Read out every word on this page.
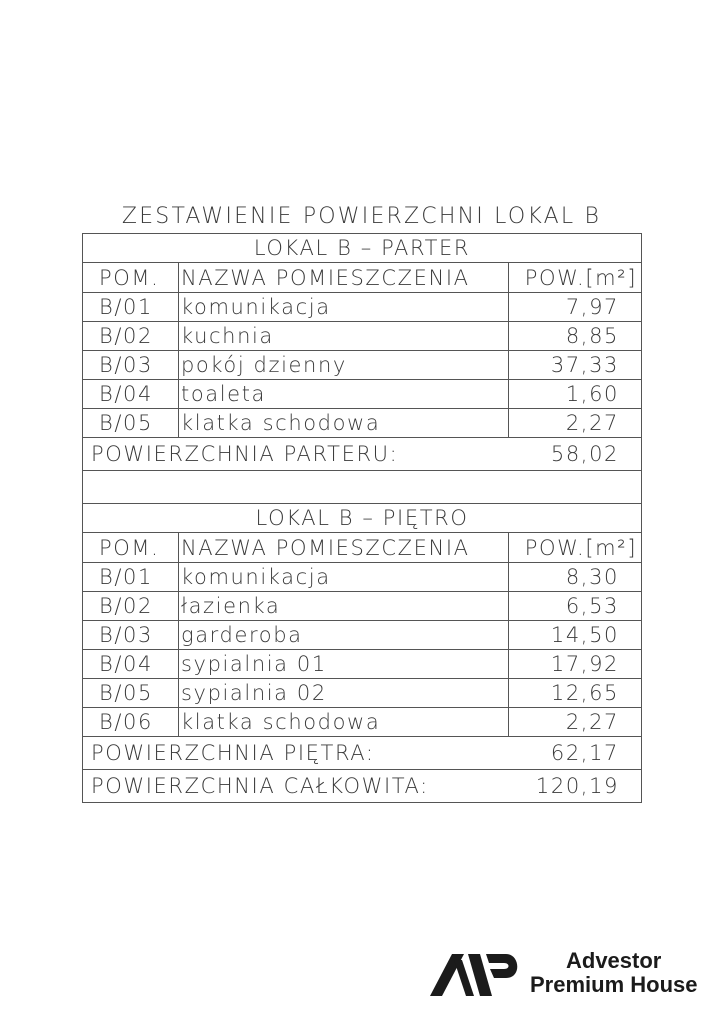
ZESTAWIENIE POWIERZCHNI LOKAL B
LOKAL B – PARTER
POM.	NAZWA POMIESZCZENIA	POW.[m²]
B/01	komunikacja	7,97
B/02	kuchnia	8,85
B/03	pokój dzienny	37,33
B/04	toaleta	1,60
B/05	klatka schodowa	2,27
POWIERZCHNIA PARTERU:	58,02
LOKAL B – PIĘTRO
POM.	NAZWA POMIESZCZENIA	POW.[m²]
B/01	komunikacja	8,30
B/02	łazienka	6,53
B/03	garderoba	14,50
B/04	sypialnia 01	17,92
B/05	sypialnia 02	12,65
B/06	klatka schodowa	2,27
POWIERZCHNIA PIĘTRA:	62,17
POWIERZCHNIA CAŁKOWITA:	120,19
Advestor
Premium House
